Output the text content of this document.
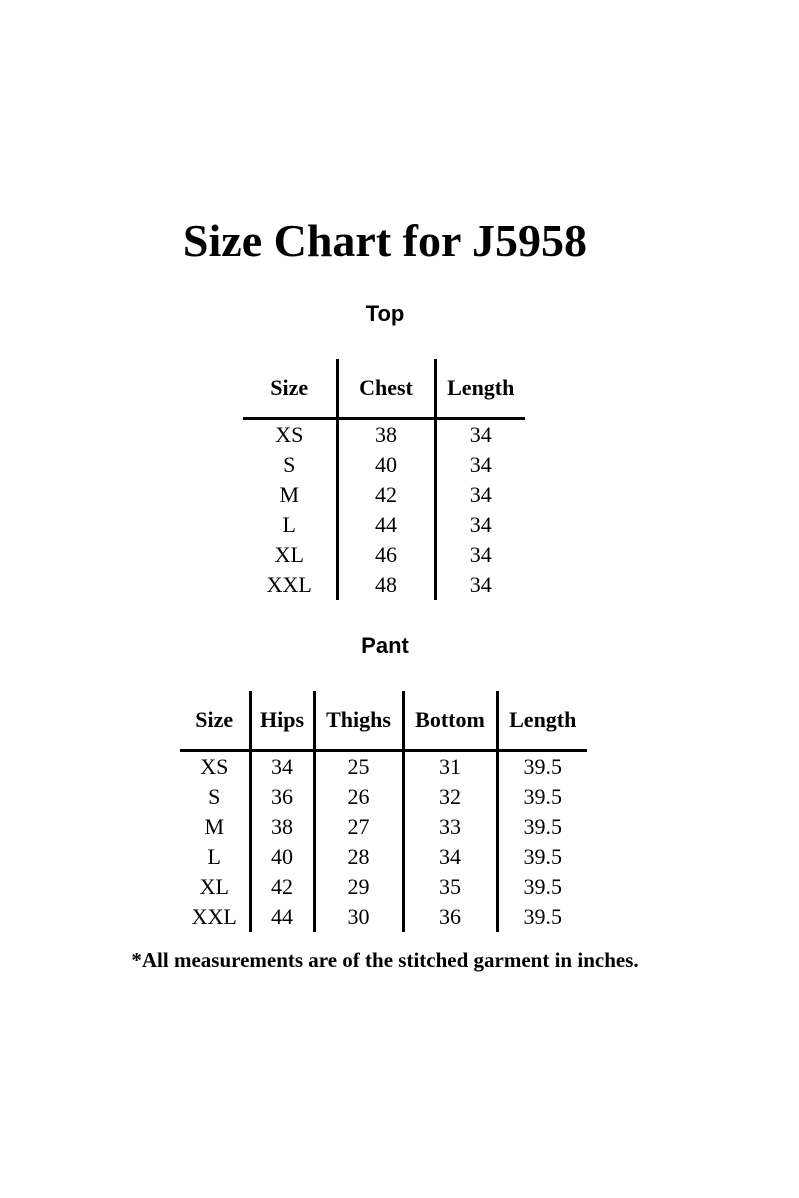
Size Chart for J5958
Top
Size	Chest	Length
XS	38	34
S	40	34
M	42	34
L	44	34
XL	46	34
XXL	48	34
Pant
Size	Hips	Thighs	Bottom	Length
XS	34	25	31	39.5
S	36	26	32	39.5
M	38	27	33	39.5
L	40	28	34	39.5
XL	42	29	35	39.5
XXL	44	30	36	39.5

*All measurements are of the stitched garment in inches.
